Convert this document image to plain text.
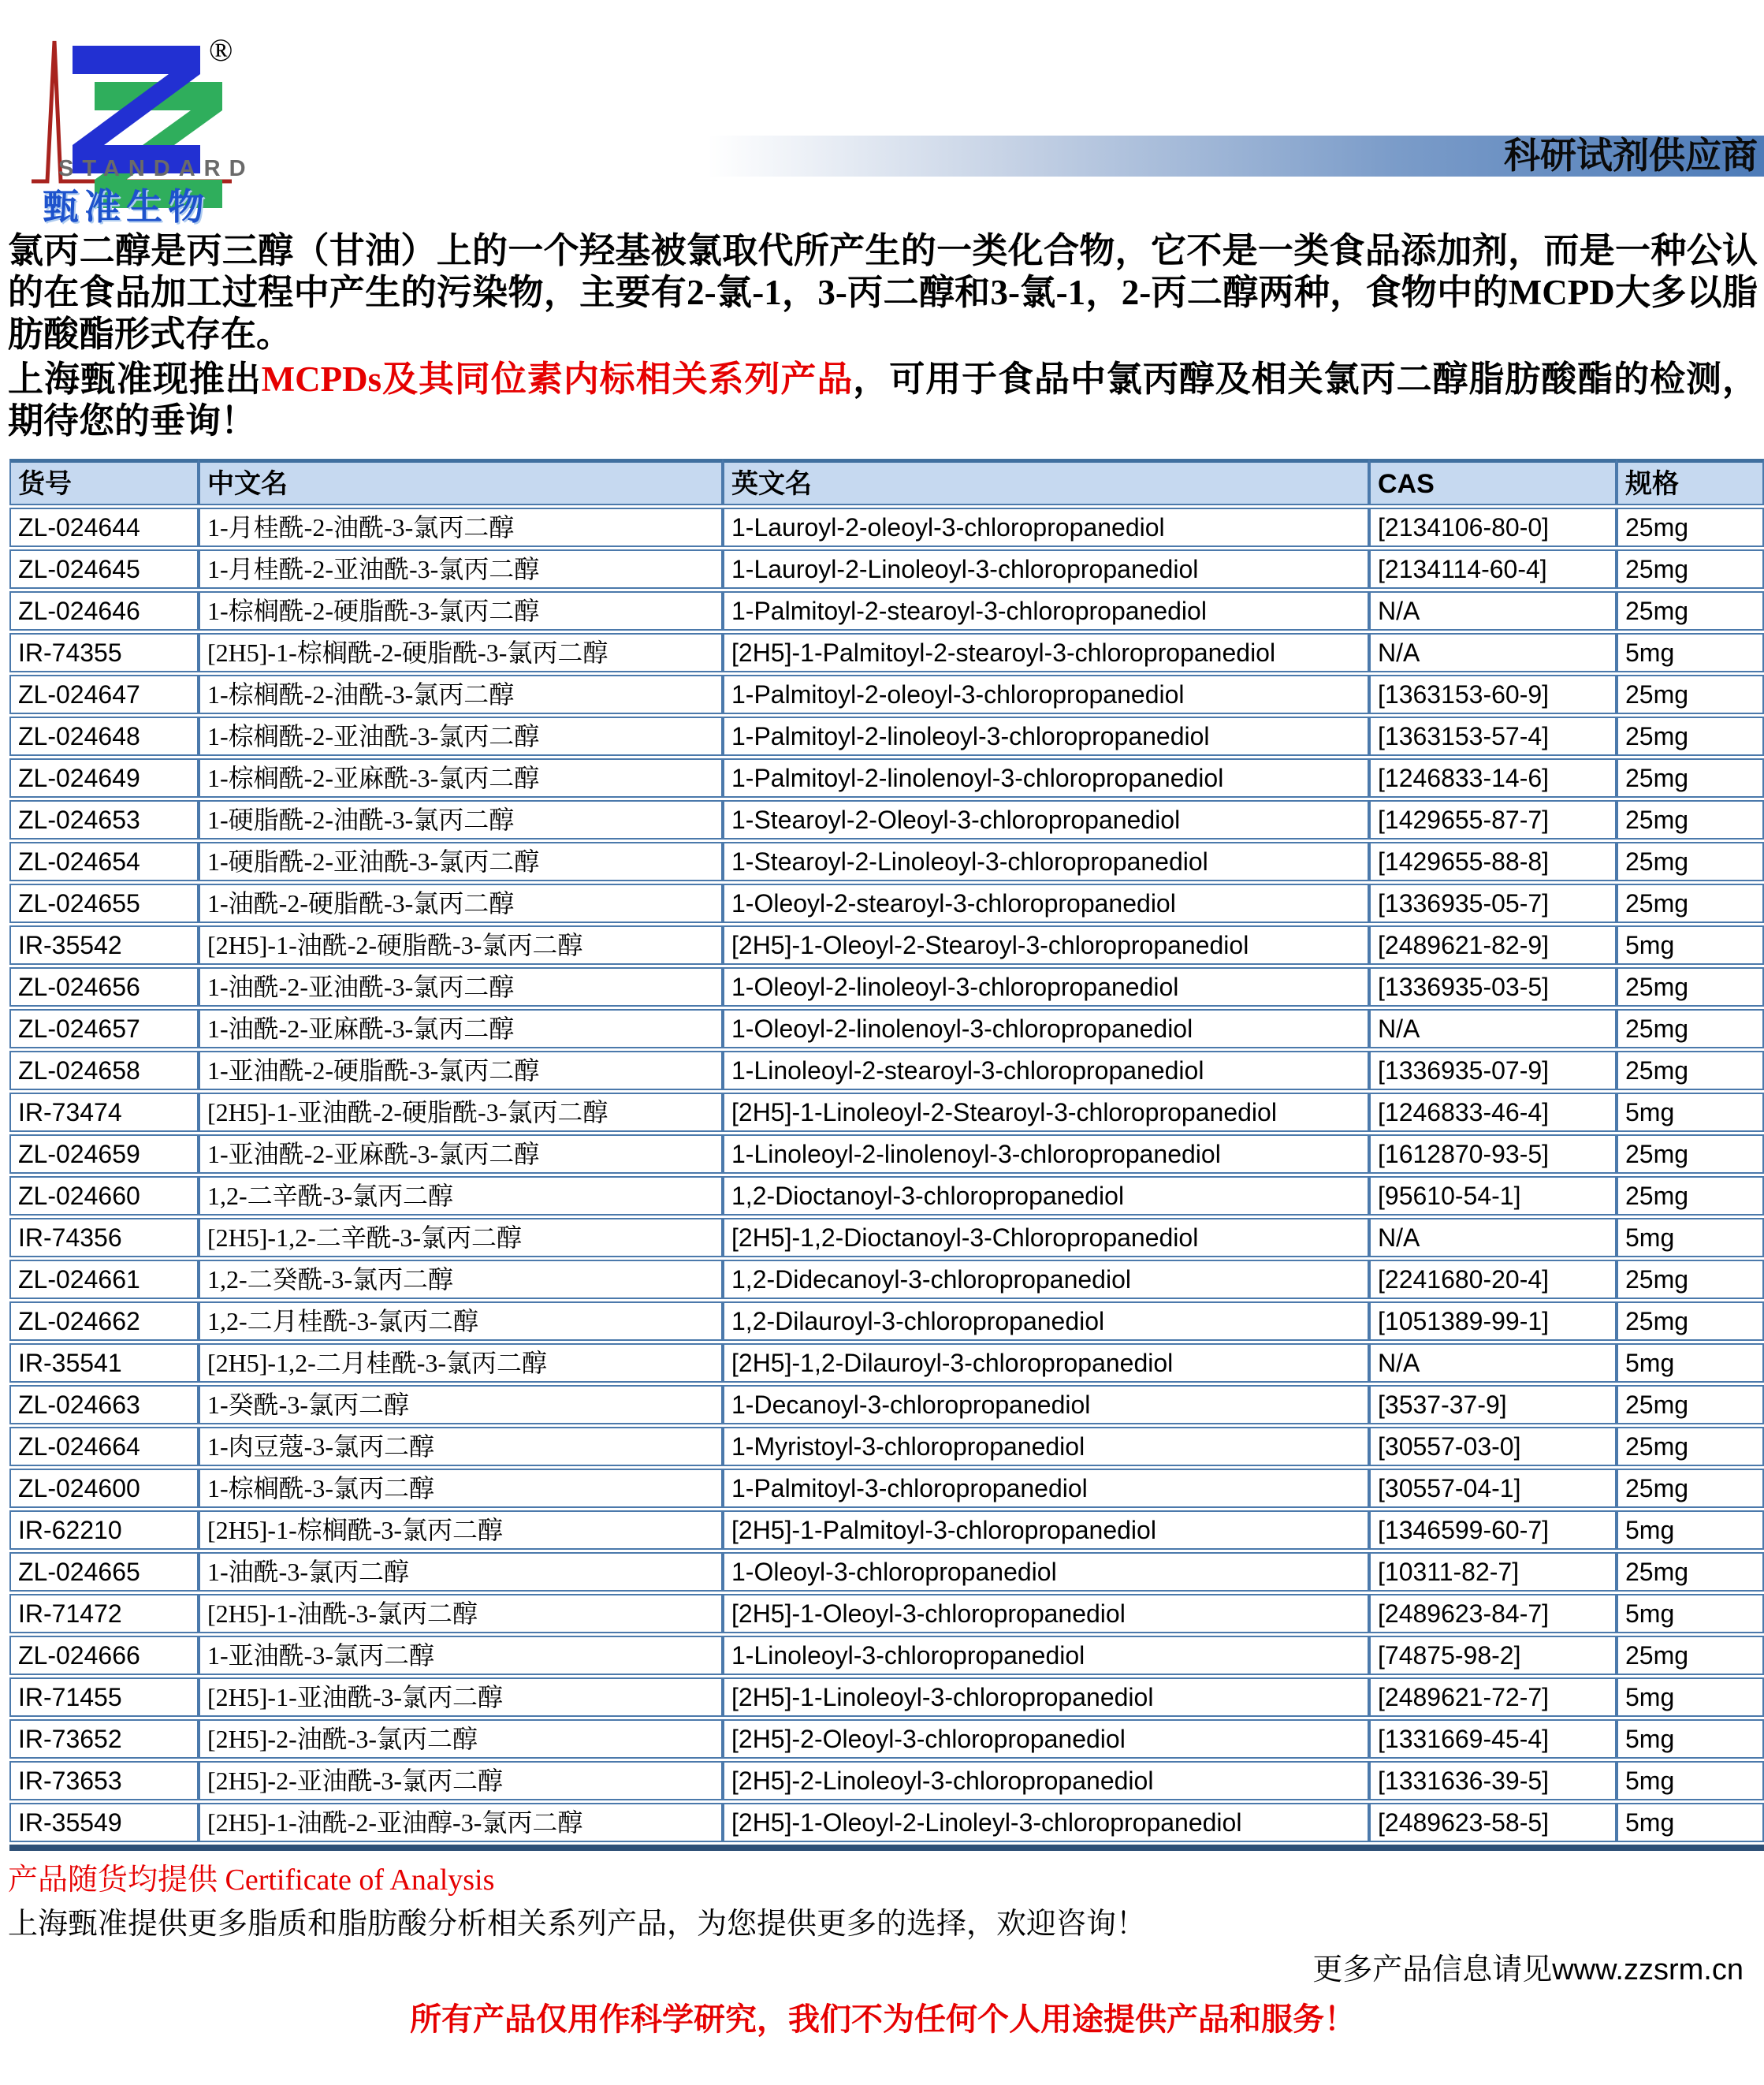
®
STANDARD
甄准生物
科研试剂供应商

氯丙二醇是丙三醇（甘油）上的一个羟基被氯取代所产生的一类化合物，它不是一类食品添加剂，而是一种公认的在食品加工过程中产生的污染物，主要有2-氯-1，3-丙二醇和3-氯-1，2-丙二醇两种，食物中的MCPD大多以脂肪酸酯形式存在。

上海甄准现推出MCPDs及其同位素内标相关系列产品，可用于食品中氯丙醇及相关氯丙二醇脂肪酸酯的检测，期待您的垂询！

货号	中文名	英文名	CAS	规格
ZL-024644	1-月桂酰-2-油酰-3-氯丙二醇	1-Lauroyl-2-oleoyl-3-chloropropanediol	[2134106-80-0]	25mg
ZL-024645	1-月桂酰-2-亚油酰-3-氯丙二醇	1-Lauroyl-2-Linoleoyl-3-chloropropanediol	[2134114-60-4]	25mg
ZL-024646	1-棕榈酰-2-硬脂酰-3-氯丙二醇	1-Palmitoyl-2-stearoyl-3-chloropropanediol	N/A	25mg
IR-74355	[2H5]-1-棕榈酰-2-硬脂酰-3-氯丙二醇	[2H5]-1-Palmitoyl-2-stearoyl-3-chloropropanediol	N/A	5mg
ZL-024647	1-棕榈酰-2-油酰-3-氯丙二醇	1-Palmitoyl-2-oleoyl-3-chloropropanediol	[1363153-60-9]	25mg
ZL-024648	1-棕榈酰-2-亚油酰-3-氯丙二醇	1-Palmitoyl-2-linoleoyl-3-chloropropanediol	[1363153-57-4]	25mg
ZL-024649	1-棕榈酰-2-亚麻酰-3-氯丙二醇	1-Palmitoyl-2-linolenoyl-3-chloropropanediol	[1246833-14-6]	25mg
ZL-024653	1-硬脂酰-2-油酰-3-氯丙二醇	1-Stearoyl-2-Oleoyl-3-chloropropanediol	[1429655-87-7]	25mg
ZL-024654	1-硬脂酰-2-亚油酰-3-氯丙二醇	1-Stearoyl-2-Linoleoyl-3-chloropropanediol	[1429655-88-8]	25mg
ZL-024655	1-油酰-2-硬脂酰-3-氯丙二醇	1-Oleoyl-2-stearoyl-3-chloropropanediol	[1336935-05-7]	25mg
IR-35542	[2H5]-1-油酰-2-硬脂酰-3-氯丙二醇	[2H5]-1-Oleoyl-2-Stearoyl-3-chloropropanediol	[2489621-82-9]	5mg
ZL-024656	1-油酰-2-亚油酰-3-氯丙二醇	1-Oleoyl-2-linoleoyl-3-chloropropanediol	[1336935-03-5]	25mg
ZL-024657	1-油酰-2-亚麻酰-3-氯丙二醇	1-Oleoyl-2-linolenoyl-3-chloropropanediol	N/A	25mg
ZL-024658	1-亚油酰-2-硬脂酰-3-氯丙二醇	1-Linoleoyl-2-stearoyl-3-chloropropanediol	[1336935-07-9]	25mg
IR-73474	[2H5]-1-亚油酰-2-硬脂酰-3-氯丙二醇	[2H5]-1-Linoleoyl-2-Stearoyl-3-chloropropanediol	[1246833-46-4]	5mg
ZL-024659	1-亚油酰-2-亚麻酰-3-氯丙二醇	1-Linoleoyl-2-linolenoyl-3-chloropropanediol	[1612870-93-5]	25mg
ZL-024660	1,2-二辛酰-3-氯丙二醇	1,2-Dioctanoyl-3-chloropropanediol	[95610-54-1]	25mg
IR-74356	[2H5]-1,2-二辛酰-3-氯丙二醇	[2H5]-1,2-Dioctanoyl-3-Chloropropanediol	N/A	5mg
ZL-024661	1,2-二癸酰-3-氯丙二醇	1,2-Didecanoyl-3-chloropropanediol	[2241680-20-4]	25mg
ZL-024662	1,2-二月桂酰-3-氯丙二醇	1,2-Dilauroyl-3-chloropropanediol	[1051389-99-1]	25mg
IR-35541	[2H5]-1,2-二月桂酰-3-氯丙二醇	[2H5]-1,2-Dilauroyl-3-chloropropanediol	N/A	5mg
ZL-024663	1-癸酰-3-氯丙二醇	1-Decanoyl-3-chloropropanediol	[3537-37-9]	25mg
ZL-024664	1-肉豆蔻-3-氯丙二醇	1-Myristoyl-3-chloropropanediol	[30557-03-0]	25mg
ZL-024600	1-棕榈酰-3-氯丙二醇	1-Palmitoyl-3-chloropropanediol	[30557-04-1]	25mg
IR-62210	[2H5]-1-棕榈酰-3-氯丙二醇	[2H5]-1-Palmitoyl-3-chloropropanediol	[1346599-60-7]	5mg
ZL-024665	1-油酰-3-氯丙二醇	1-Oleoyl-3-chloropropanediol	[10311-82-7]	25mg
IR-71472	[2H5]-1-油酰-3-氯丙二醇	[2H5]-1-Oleoyl-3-chloropropanediol	[2489623-84-7]	5mg
ZL-024666	1-亚油酰-3-氯丙二醇	1-Linoleoyl-3-chloropropanediol	[74875-98-2]	25mg
IR-71455	[2H5]-1-亚油酰-3-氯丙二醇	[2H5]-1-Linoleoyl-3-chloropropanediol	[2489621-72-7]	5mg
IR-73652	[2H5]-2-油酰-3-氯丙二醇	[2H5]-2-Oleoyl-3-chloropropanediol	[1331669-45-4]	5mg
IR-73653	[2H5]-2-亚油酰-3-氯丙二醇	[2H5]-2-Linoleoyl-3-chloropropanediol	[1331636-39-5]	5mg
IR-35549	[2H5]-1-油酰-2-亚油醇-3-氯丙二醇	[2H5]-1-Oleoyl-2-Linoleyl-3-chloropropanediol	[2489623-58-5]	5mg

产品随货均提供 Certificate of Analysis

上海甄准提供更多脂质和脂肪酸分析相关系列产品，为您提供更多的选择，欢迎咨询！

更多产品信息请见www.zzsrm.cn

所有产品仅用作科学研究，我们不为任何个人用途提供产品和服务！
